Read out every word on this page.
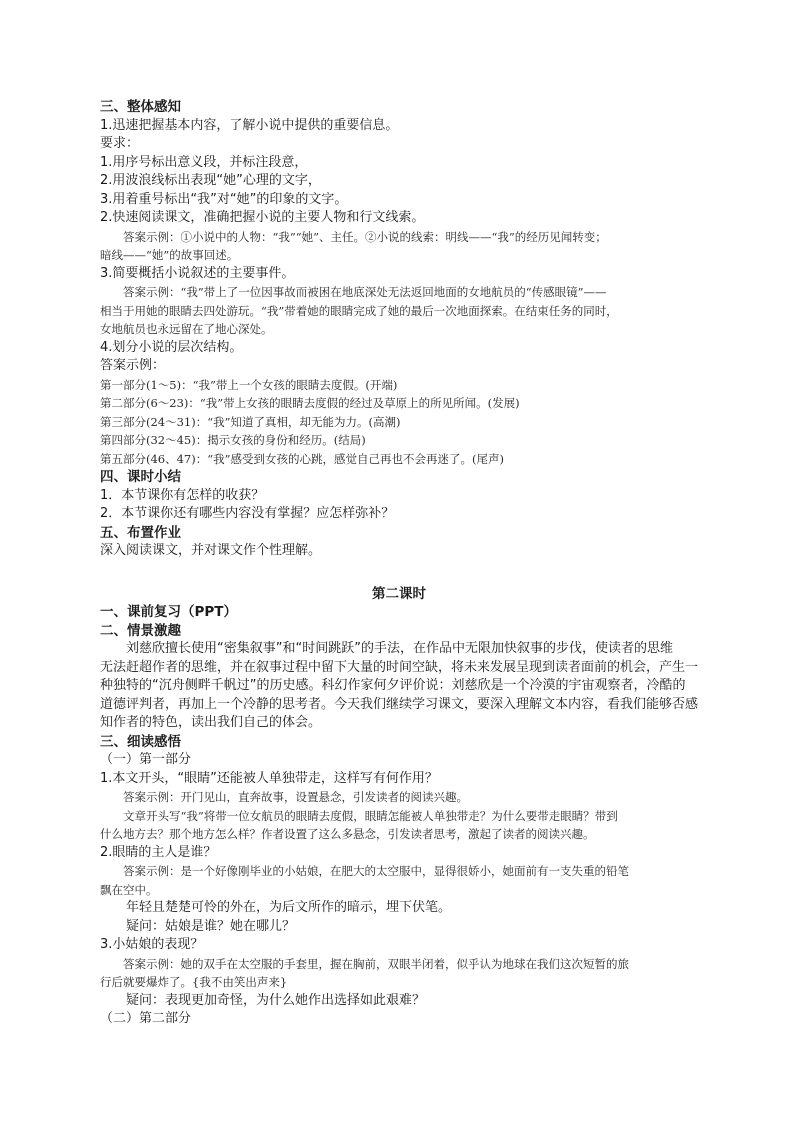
三、整体感知
1.迅速把握基本内容，了解小说中提供的重要信息。
要求：
1.用序号标出意义段，并标注段意，
2.用波浪线标出表现“她”心理的文字，
3.用着重号标出“我”对“她”的印象的文字。
2.快速阅读课文，准确把握小说的主要人物和行文线索。
答案示例：①小说中的人物：“我”“她”、主任。②小说的线索：明线——“我”的经历见闻转变；
暗线——“她”的故事回述。
3.简要概括小说叙述的主要事件。
答案示例：“我”带上了一位因事故而被困在地底深处无法返回地面的女地航员的“传感眼镜”——
相当于用她的眼睛去四处游玩。“我”带着她的眼睛完成了她的最后一次地面探索。在结束任务的同时，
女地航员也永远留在了地心深处。
4.划分小说的层次结构。
答案示例：
第一部分(1～5)：“我”带上一个女孩的眼睛去度假。(开端)
第二部分(6～23)：“我”带上女孩的眼睛去度假的经过及草原上的所见所闻。(发展)
第三部分(24～31)：“我”知道了真相，却无能为力。(高潮)
第四部分(32～45)：揭示女孩的身份和经历。(结局)
第五部分(46、47)：“我”感受到女孩的心跳，感觉自己再也不会再迷了。(尾声)
四、课时小结
1．本节课你有怎样的收获？
2．本节课你还有哪些内容没有掌握？应怎样弥补？
五、布置作业
深入阅读课文，并对课文作个性理解。
第二课时
一、课前复习（PPT）
二、情景激趣
刘慈欣擅长使用“密集叙事”和“时间跳跃”的手法，在作品中无限加快叙事的步伐，使读者的思维
无法赶超作者的思维，并在叙事过程中留下大量的时间空缺，将未来发展呈现到读者面前的机会，产生一
种独特的“沉舟侧畔千帆过”的历史感。科幻作家何夕评价说：刘慈欣是一个冷漠的宇宙观察者，冷酷的
道德评判者，再加上一个冷静的思考者。今天我们继续学习课文，要深入理解文本内容，看我们能够否感
知作者的特色，读出我们自己的体会。
三、细读感悟
（一）第一部分
1.本文开头，“眼睛”还能被人单独带走，这样写有何作用？
答案示例：开门见山，直奔故事，设置悬念，引发读者的阅读兴趣。
文章开头写“我”将带一位女航员的眼睛去度假，眼睛怎能被人单独带走？为什么要带走眼睛？带到
什么地方去？那个地方怎么样？作者设置了这么多悬念，引发读者思考，激起了读者的阅读兴趣。
2.眼睛的主人是谁？
答案示例：是一个好像刚毕业的小姑娘，在肥大的太空服中，显得很娇小，她面前有一支失重的铅笔
飘在空中。
年轻且楚楚可怜的外在，为后文所作的暗示，埋下伏笔。
疑问：姑娘是谁？她在哪儿？
3.小姑娘的表现？
答案示例：她的双手在太空服的手套里，握在胸前，双眼半闭着，似乎认为地球在我们这次短暂的旅
行后就要爆炸了。{我不由笑出声来}
疑问：表现更加奇怪，为什么她作出选择如此艰难？
（二）第二部分
